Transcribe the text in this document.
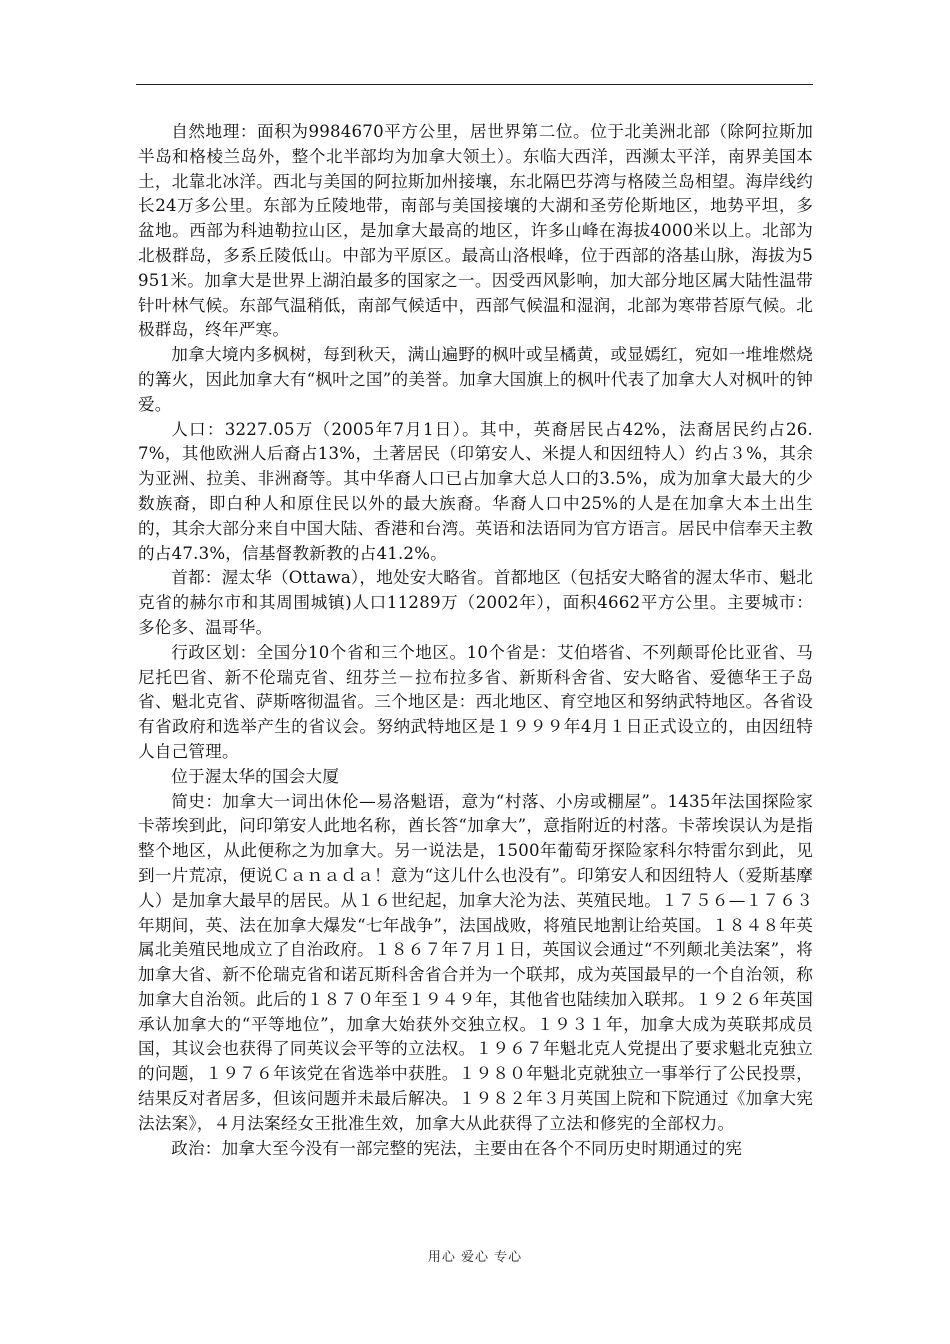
自然地理：面积为9984670平方公里，居世界第二位。位于北美洲北部（除阿拉斯加半岛和格棱兰岛外，整个北半部均为加拿大领土）。东临大西洋，西濒太平洋，南界美国本土，北靠北冰洋。西北与美国的阿拉斯加州接壤，东北隔巴芬湾与格陵兰岛相望。海岸线约长24万多公里。东部为丘陵地带，南部与美国接壤的大湖和圣劳伦斯地区，地势平坦，多盆地。西部为科迪勒拉山区，是加拿大最高的地区，许多山峰在海拔4000米以上。北部为北极群岛，多系丘陵低山。中部为平原区。最高山洛根峰，位于西部的洛基山脉，海拔为5951米。加拿大是世界上湖泊最多的国家之一。因受西风影响，加大部分地区属大陆性温带针叶林气候。东部气温稍低，南部气候适中，西部气候温和湿润，北部为寒带苔原气候。北极群岛，终年严寒。

加拿大境内多枫树，每到秋天，满山遍野的枫叶或呈橘黄，或显嫣红，宛如一堆堆燃烧的篝火，因此加拿大有“枫叶之国”的美誉。加拿大国旗上的枫叶代表了加拿大人对枫叶的钟爱。

人口：3227.05万（2005年7月1日）。其中，英裔居民占42%，法裔居民约占26.7%，其他欧洲人后裔占13%，土著居民（印第安人、米提人和因纽特人）约占３%，其余为亚洲、拉美、非洲裔等。其中华裔人口已占加拿大总人口的3.5%，成为加拿大最大的少数族裔，即白种人和原住民以外的最大族裔。华裔人口中25%的人是在加拿大本土出生的，其余大部分来自中国大陆、香港和台湾。英语和法语同为官方语言。居民中信奉天主教的占47.3%，信基督教新教的占41.2%。

首都：渥太华（Ottawa），地处安大略省。首都地区（包括安大略省的渥太华市、魁北克省的赫尔市和其周围城镇)人口11289万（2002年），面积4662平方公里。主要城市：多伦多、温哥华。

行政区划：全国分10个省和三个地区。10个省是：艾伯塔省、不列颠哥伦比亚省、马尼托巴省、新不伦瑞克省、纽芬兰－拉布拉多省、新斯科舍省、安大略省、爱德华王子岛省、魁北克省、萨斯喀彻温省。三个地区是：西北地区、育空地区和努纳武特地区。各省设有省政府和选举产生的省议会。努纳武特地区是１９９９年4月１日正式设立的，由因纽特人自己管理。

位于渥太华的国会大厦

简史：加拿大一词出休伦—易洛魁语，意为“村落、小房或棚屋”。1435年法国探险家卡蒂埃到此，问印第安人此地名称，酋长答“加拿大”，意指附近的村落。卡蒂埃误认为是指整个地区，从此便称之为加拿大。另一说法是，1500年葡萄牙探险家科尔特雷尔到此，见到一片荒凉，便说Ｃａｎａｄａ！意为“这儿什么也没有”。印第安人和因纽特人（爱斯基摩人）是加拿大最早的居民。从１６世纪起，加拿大沦为法、英殖民地。１７５６—１７６３年期间，英、法在加拿大爆发“七年战争”，法国战败，将殖民地割让给英国。１８４８年英属北美殖民地成立了自治政府。１８６７年７月１日，英国议会通过“不列颠北美法案”，将加拿大省、新不伦瑞克省和诺瓦斯科舍省合并为一个联邦，成为英国最早的一个自治领，称加拿大自治领。此后的１８７０年至１９４９年，其他省也陆续加入联邦。１９２６年英国承认加拿大的“平等地位”，加拿大始获外交独立权。１９３１年，加拿大成为英联邦成员国，其议会也获得了同英议会平等的立法权。１９６７年魁北克人党提出了要求魁北克独立的问题，１９７６年该党在省选举中获胜。１９８０年魁北克就独立一事举行了公民投票，结果反对者居多，但该问题并未最后解决。１９８２年３月英国上院和下院通过《加拿大宪法法案》，４月法案经女王批准生效，加拿大从此获得了立法和修宪的全部权力。

政治：加拿大至今没有一部完整的宪法，主要由在各个不同历史时期通过的宪

用心 爱心 专心
